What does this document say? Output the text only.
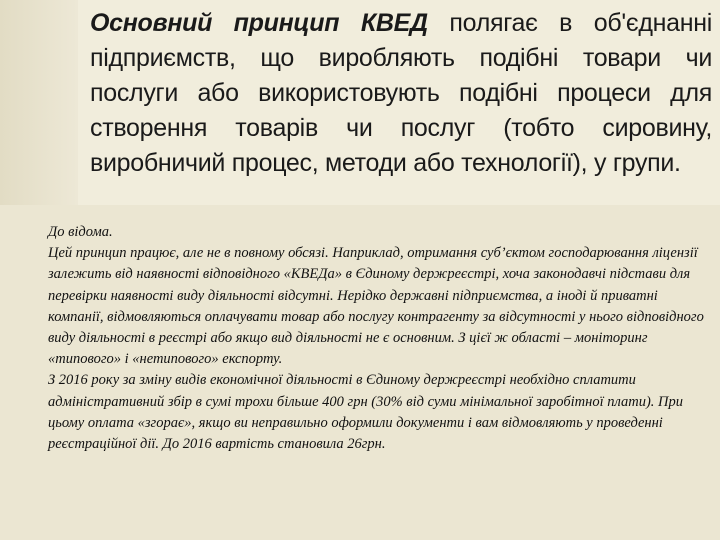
Основний принцип КВЕД полягає в об'єднанні підприємств, що виробляють подібні товари чи послуги або використовують подібні процеси для створення товарів чи послуг (тобто сировину, виробничий процес, методи або технології), у групи.

До відома.

Цей принцип працює, але не в повному обсязі. Наприклад, отримання суб’єктом господарювання ліцензії залежить від наявності відповідного «КВЕДа» в Єдиному держреєстрі, хоча законодавчі підстави для перевірки наявності виду діяльності відсутні. Нерідко державні підприємства, а іноді й приватні компанії, відмовляються оплачувати товар або послугу контрагенту за відсутності у нього відповідного виду діяльності в реєстрі або якщо вид діяльності не є основним. З цієї ж області – моніторинг «типового» і «нетипового» експорту.

З 2016 року за зміну видів економічної діяльності в Єдиному держреєстрі необхідно сплатити адміністративний збір в сумі трохи більше 400 грн (30% від суми мінімальної заробітної плати). При цьому оплата «згорає», якщо ви неправильно оформили документи і вам відмовляють у проведенні реєстраційної дії. До 2016 вартість становила 26грн.
